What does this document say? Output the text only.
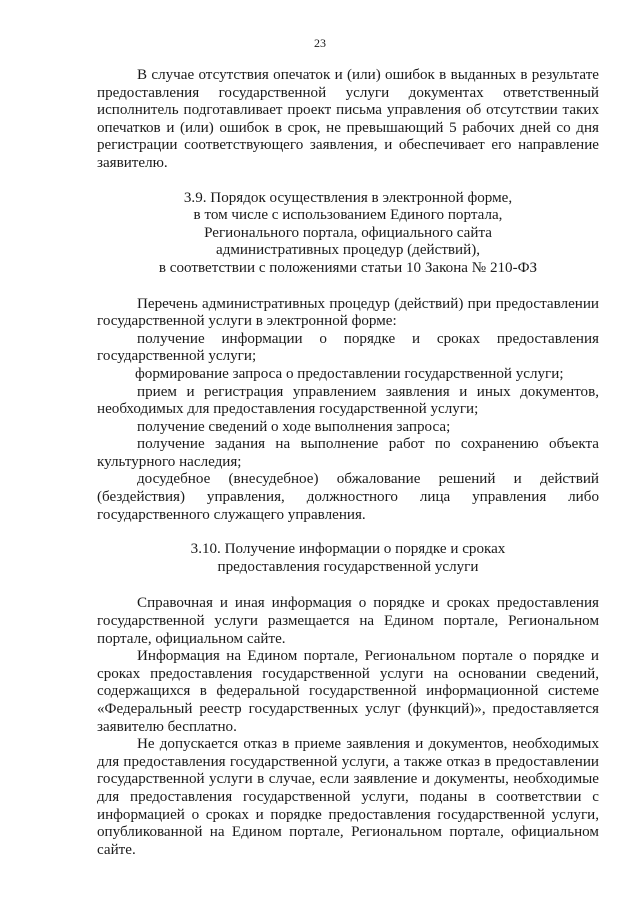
23

В случае отсутствия опечаток и (или) ошибок в выданных в результате предоставления государственной услуги документах ответственный исполнитель подготавливает проект письма управления об отсутствии таких опечатков и (или) ошибок в срок, не превышающий 5 рабочих дней со дня регистрации соответствующего заявления, и обеспечивает его направление заявителю.

3.9. Порядок осуществления в электронной форме,

в том числе с использованием Единого портала,

Регионального портала, официального сайта

административных процедур (действий),

в соответствии с положениями статьи 10 Закона № 210-ФЗ

Перечень административных процедур (действий) при предоставлении государственной услуги в электронной форме:

получение информации о порядке и сроках предоставления государственной услуги;

формирование запроса о предоставлении государственной услуги;

прием и регистрация управлением заявления и иных документов, необходимых для предоставления государственной услуги;

получение сведений о ходе выполнения запроса;

получение задания на выполнение работ по сохранению объекта культурного наследия;

досудебное (внесудебное) обжалование решений и действий (бездействия) управления, должностного лица управления либо государственного служащего управления.

3.10. Получение информации о порядке и сроках

предоставления государственной услуги

Справочная и иная информация о порядке и сроках предоставления государственной услуги размещается на Едином портале, Региональном портале, официальном сайте.

Информация на Едином портале, Региональном портале о порядке и сроках предоставления государственной услуги на основании сведений, содержащихся в федеральной государственной информационной системе «Федеральный реестр государственных услуг (функций)», предоставляется заявителю бесплатно.

Не допускается отказ в приеме заявления и документов, необходимых для предоставления государственной услуги, а также отказ в предоставлении государственной услуги в случае, если заявление и документы, необходимые для предоставления государственной услуги, поданы в соответствии с информацией о сроках и порядке предоставления государственной услуги, опубликованной на Едином портале, Региональном портале, официальном сайте.
